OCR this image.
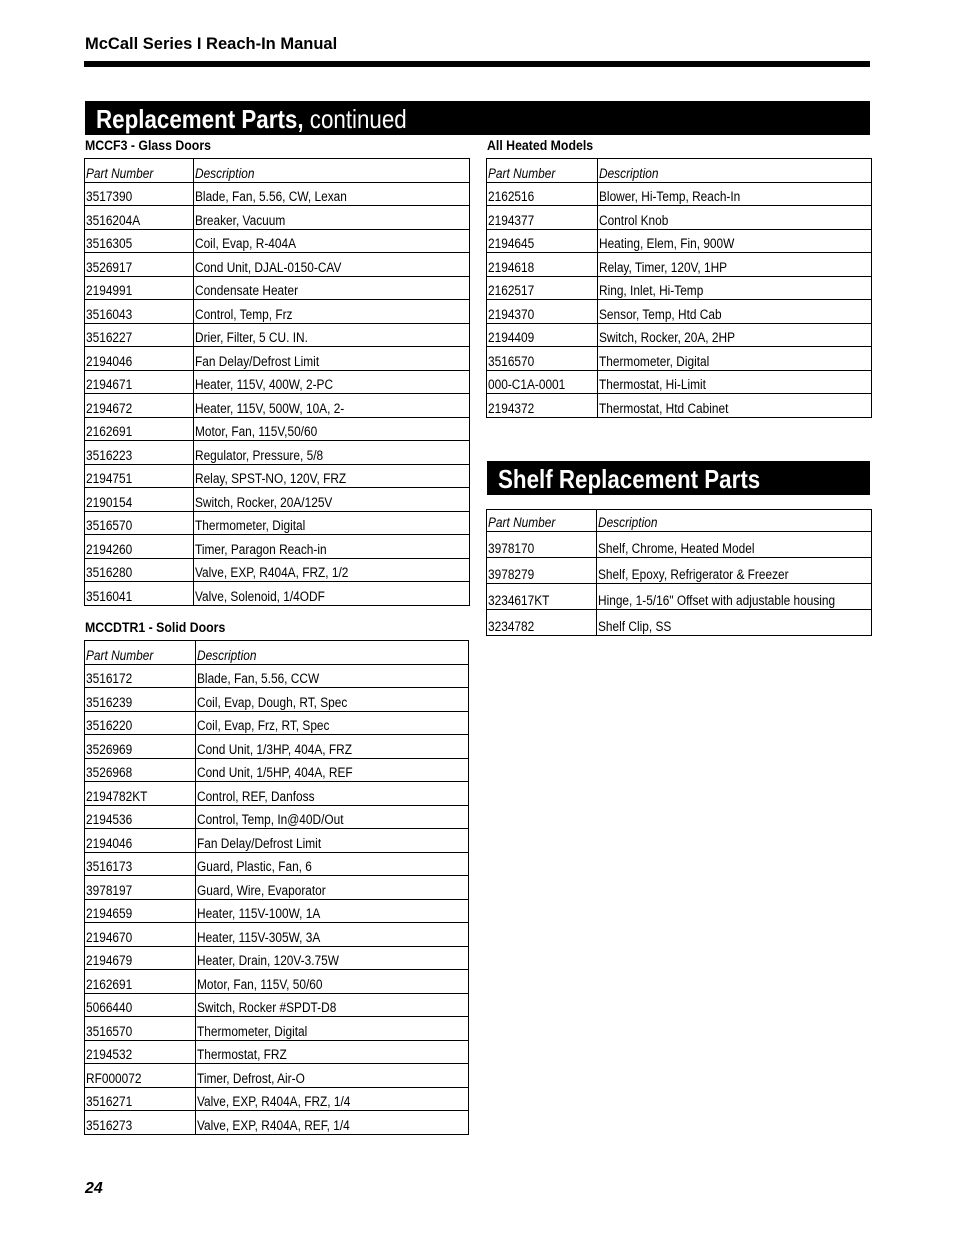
McCall Series I Reach-In Manual
Replacement Parts, continued
MCCF3 - Glass Doors
Part Number	Description
3517390	Blade, Fan, 5.56, CW, Lexan
3516204A	Breaker, Vacuum
3516305	Coil, Evap, R-404A
3526917	Cond Unit, DJAL-0150-CAV
2194991	Condensate Heater
3516043	Control, Temp, Frz
3516227	Drier, Filter, 5 CU. IN.
2194046	Fan Delay/Defrost Limit
2194671	Heater, 115V, 400W, 2-PC
2194672	Heater, 115V, 500W, 10A, 2-
2162691	Motor, Fan, 115V,50/60
3516223	Regulator, Pressure, 5/8
2194751	Relay, SPST-NO, 120V, FRZ
2190154	Switch, Rocker, 20A/125V
3516570	Thermometer, Digital
2194260	Timer, Paragon Reach-in
3516280	Valve, EXP, R404A, FRZ, 1/2
3516041	Valve, Solenoid, 1/4ODF
MCCDTR1 - Solid Doors
Part Number	Description
3516172	Blade, Fan, 5.56, CCW
3516239	Coil, Evap, Dough, RT, Spec
3516220	Coil, Evap, Frz, RT, Spec
3526969	Cond Unit, 1/3HP, 404A, FRZ
3526968	Cond Unit, 1/5HP, 404A, REF
2194782KT	Control, REF, Danfoss
2194536	Control, Temp, In@40D/Out
2194046	Fan Delay/Defrost Limit
3516173	Guard, Plastic, Fan, 6
3978197	Guard, Wire, Evaporator
2194659	Heater, 115V-100W, 1A
2194670	Heater, 115V-305W, 3A
2194679	Heater, Drain, 120V-3.75W
2162691	Motor, Fan, 115V, 50/60
5066440	Switch, Rocker #SPDT-D8
3516570	Thermometer, Digital
2194532	Thermostat, FRZ
RF000072	Timer, Defrost, Air-O
3516271	Valve, EXP, R404A, FRZ, 1/4
3516273	Valve, EXP, R404A, REF, 1/4
All Heated Models
Part Number	Description
2162516	Blower, Hi-Temp, Reach-In
2194377	Control Knob
2194645	Heating, Elem, Fin, 900W
2194618	Relay, Timer, 120V, 1HP
2162517	Ring, Inlet, Hi-Temp
2194370	Sensor, Temp, Htd Cab
2194409	Switch, Rocker, 20A, 2HP
3516570	Thermometer, Digital
000-C1A-0001	Thermostat, Hi-Limit
2194372	Thermostat, Htd Cabinet
Shelf Replacement Parts
Part Number	Description
3978170	Shelf, Chrome, Heated Model
3978279	Shelf, Epoxy, Refrigerator & Freezer
3234617KT	Hinge, 1-5/16" Offset with adjustable housing
3234782	Shelf Clip, SS
24
